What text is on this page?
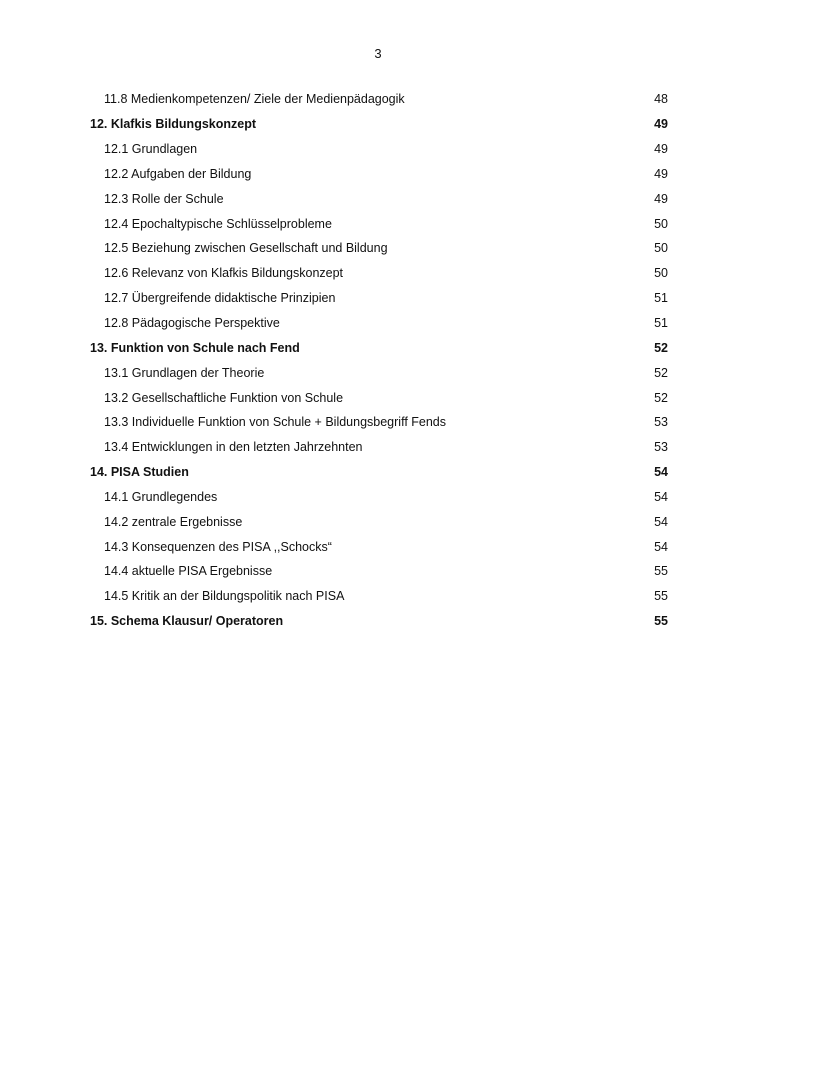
3
11.8 Medienkompetenzen/ Ziele der Medienpädagogik	48
12. Klafkis Bildungskonzept	49
12.1 Grundlagen	49
12.2 Aufgaben der Bildung	49
12.3 Rolle der Schule	49
12.4 Epochaltypische Schlüsselprobleme	50
12.5 Beziehung zwischen Gesellschaft und Bildung	50
12.6 Relevanz von Klafkis Bildungskonzept	50
12.7 Übergreifende didaktische Prinzipien	51
12.8 Pädagogische Perspektive	51
13. Funktion von Schule nach Fend	52
13.1 Grundlagen der Theorie	52
13.2 Gesellschaftliche Funktion von Schule	52
13.3 Individuelle Funktion von Schule + Bildungsbegriff Fends	53
13.4 Entwicklungen in den letzten Jahrzehnten	53
14. PISA Studien	54
14.1 Grundlegendes	54
14.2 zentrale Ergebnisse	54
14.3 Konsequenzen des PISA ,,Schocks“	54
14.4 aktuelle PISA Ergebnisse	55
14.5 Kritik an der Bildungspolitik nach PISA	55
15. Schema Klausur/ Operatoren	55
